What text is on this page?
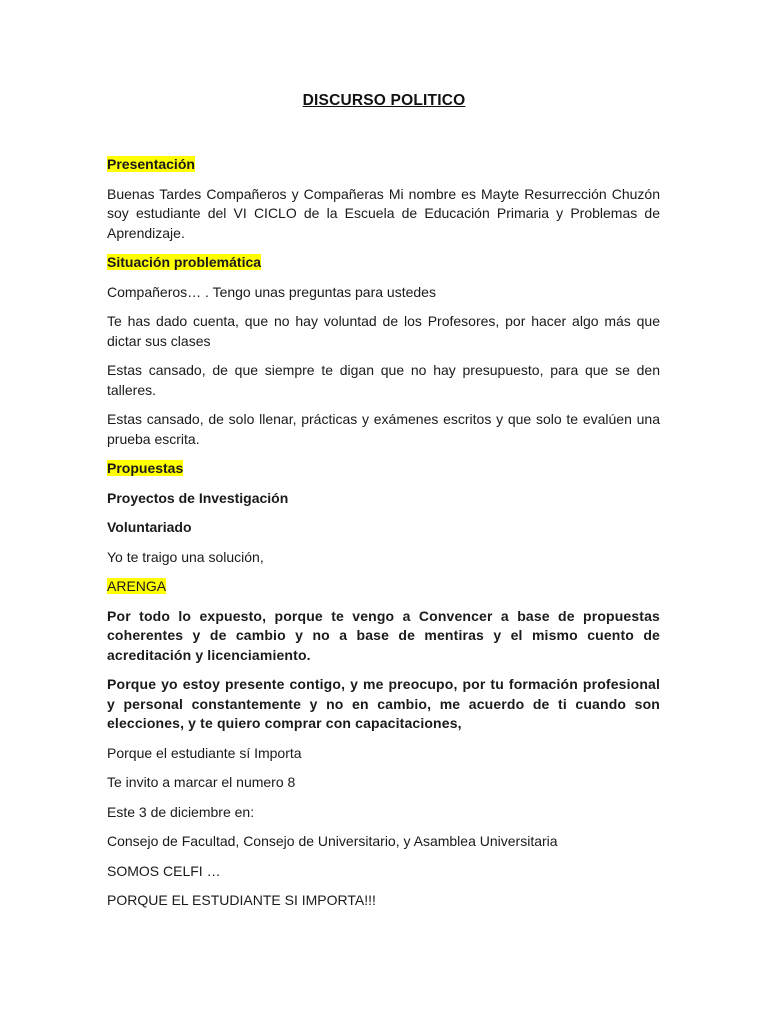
DISCURSO POLITICO

Presentación

Buenas Tardes Compañeros y Compañeras Mi nombre es Mayte Resurrección Chuzón soy estudiante del VI CICLO de la Escuela de Educación Primaria y Problemas de Aprendizaje.

Situación problemática

Compañeros… . Tengo unas preguntas para ustedes

Te has dado cuenta, que no hay voluntad de los Profesores, por hacer algo más que dictar sus clases

Estas cansado, de que siempre te digan que no hay presupuesto, para que se den talleres.

Estas cansado, de solo llenar, prácticas y exámenes escritos y que solo te evalúen una prueba escrita.

Propuestas

Proyectos de Investigación

Voluntariado

Yo te traigo una solución,

ARENGA

Por todo lo expuesto, porque te vengo a Convencer a base de propuestas coherentes y de cambio y no a base de mentiras y el mismo cuento de acreditación y licenciamiento.

Porque yo estoy presente contigo, y me preocupo, por tu formación profesional y personal constantemente y no en cambio, me acuerdo de ti cuando son elecciones, y te quiero comprar con capacitaciones,

Porque el estudiante sí Importa

Te invito a marcar el numero 8

Este 3 de diciembre en:

Consejo de Facultad, Consejo de Universitario, y Asamblea Universitaria

SOMOS CELFI …

PORQUE EL ESTUDIANTE SI IMPORTA!!!
